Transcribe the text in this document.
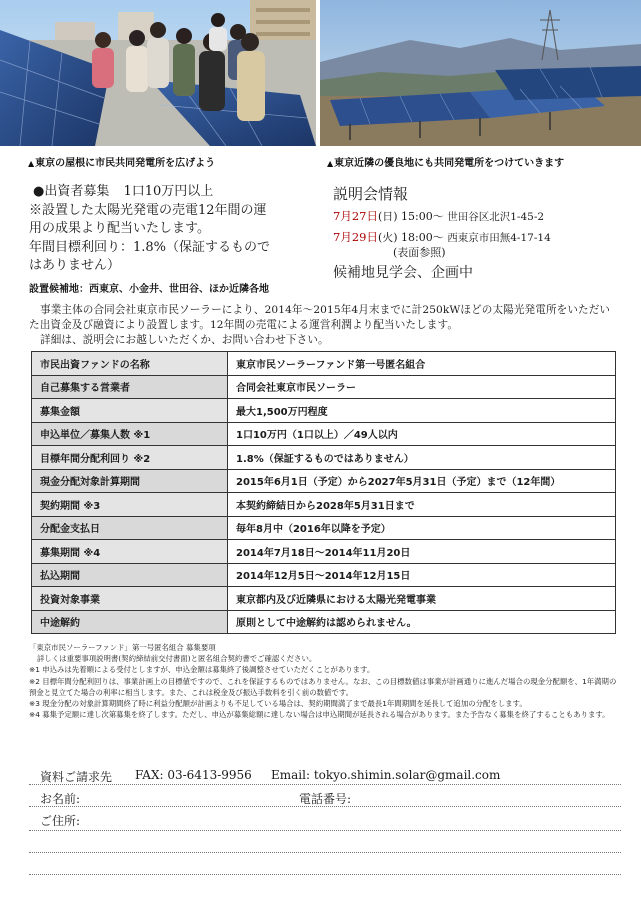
▲東京の屋根に市民共同発電所を広げよう	▲東京近隣の優良地にも共同発電所をつけていきます
●出資者募集 1口10万円以上
※設置した太陽光発電の売電12年間の運
用の成果より配当いたします。
年間目標利回り：1.8%（保証するもので
はありません）
設置候補地：西東京、小金井、世田谷、ほか近隣各地
説明会情報
7月27日(日) 15:00～ 世田谷区北沢1-45-2
7月29日(火) 18:00～ 西東京市田無4-17-14
(表面参照)
候補地見学会、企画中

事業主体の合同会社東京市民ソーラーにより、2014年～2015年4月末までに計250kWほどの太陽光発電所をいただいた出資金及び融資により設置します。12年間の売電による運営利潤より配当いたします。

詳細は、説明会にお越しいただくか、お問い合わせ下さい。

市民出資ファンドの名称	東京市民ソーラーファンド第一号匿名組合
自己募集する営業者	合同会社東京市民ソーラー
募集金額	最大1,500万円程度
申込単位／募集人数 ※1	1口10万円（1口以上）／49人以内
目標年間分配利回り ※2	1.8%（保証するものではありません）
現金分配対象計算期間	2015年6月1日（予定）から2027年5月31日（予定）まで（12年間）
契約期間 ※3	本契約締結日から2028年5月31日まで
分配金支払日	毎年8月中（2016年以降を予定）
募集期間 ※4	2014年7月18日～2014年11月20日
払込期間	2014年12月5日～2014年12月15日
投資対象事業	東京都内及び近隣県における太陽光発電事業
中途解約	原則として中途解約は認められません。
「東京市民ソーラーファンド」第一号匿名組合 募集要項
詳しくは重要事項説明書(契約締結前交付書面)と匿名組合契約書でご確認ください。
※1 申込みは先着順による受付としますが、申込金額は募集終了後調整させていただくことがあります。
※2 目標年間分配利回りは、事業計画上の目標値ですので、これを保証するものではありません。なお、この目標数値は事業が計画通りに進んだ場合の現金分配額を、1年満期の預金と見立てた場合の利率に相当します。また、これは税金及び振込手数料を引く前の数値です。
※3 現金分配の対象計算期間終了時に利益分配額が計画よりも不足している場合は、契約期間満了まで最長1年間期間を延長して追加の分配をします。
※4 募集予定額に達し次第募集を終了します。ただし、申込が募集総額に達しない場合は申込期間が延長される場合があります。また予告なく募集を終了することもあります。
資料ご請求先 FAX: 03-6413-9956 Email: tokyo.shimin.solar@gmail.com
お名前:	電話番号:
ご住所:
